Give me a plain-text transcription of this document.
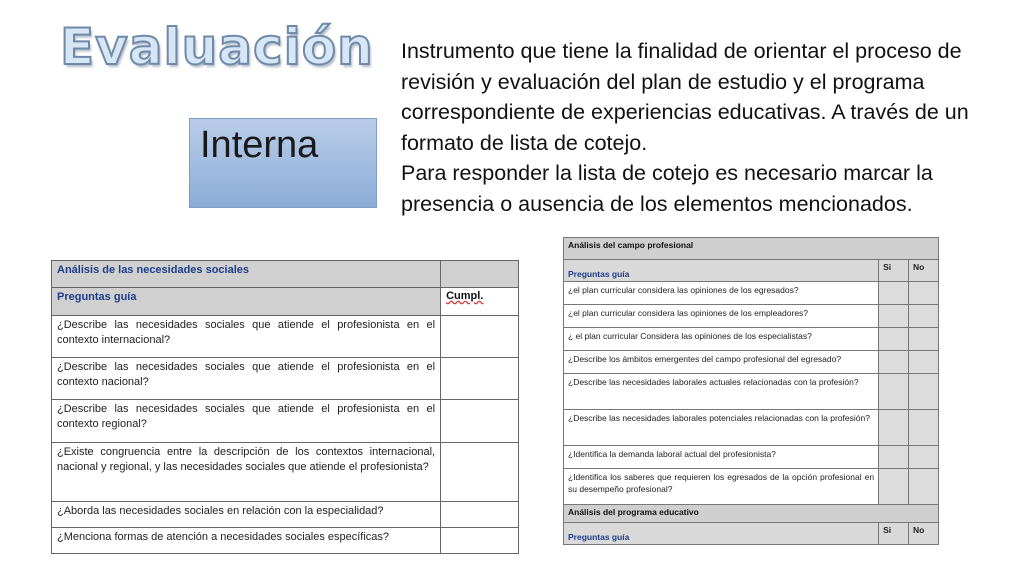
Evaluación
Interna
Instrumento que tiene la finalidad de orientar el proceso de revisión y evaluación del plan de estudio y el programa correspondiente de experiencias educativas. A través de un formato de lista de cotejo.
Para responder la lista de cotejo es necesario marcar la presencia o ausencia de los elementos mencionados.
Análisis de las necesidades sociales	
Preguntas guía	Cumpl.
¿Describe las necesidades sociales que atiende el profesionista en el contexto internacional?	
¿Describe las necesidades sociales que atiende el profesionista en el contexto nacional?	
¿Describe las necesidades sociales que atiende el profesionista en el contexto regional?	
¿Existe congruencia entre la descripción de los contextos internacional, nacional y regional, y las necesidades sociales que atiende el profesionista?	
¿Aborda las necesidades sociales en relación con la especialidad?	
¿Menciona formas de atención a necesidades sociales específicas?	
Análisis del campo profesional		
Preguntas guía	Si	No
¿el plan curricular considera las opiniones de los egresados?		
¿el plan curricular considera las opiniones de los empleadores?		
¿ el plan curricular Considera las opiniones de los especialistas?		
¿Describe los ámbitos emergentes del campo profesional del egresado?		
¿Describe las necesidades laborales actuales relacionadas con la profesión?		
¿Describe las necesidades laborales potenciales relacionadas con la profesión?		
¿Identifica la demanda laboral actual del profesionista?		
¿Identifica los saberes que requieren los egresados de la opción profesional en su desempeño profesional?		
Análisis del programa educativo		
Preguntas guía	Si	No
